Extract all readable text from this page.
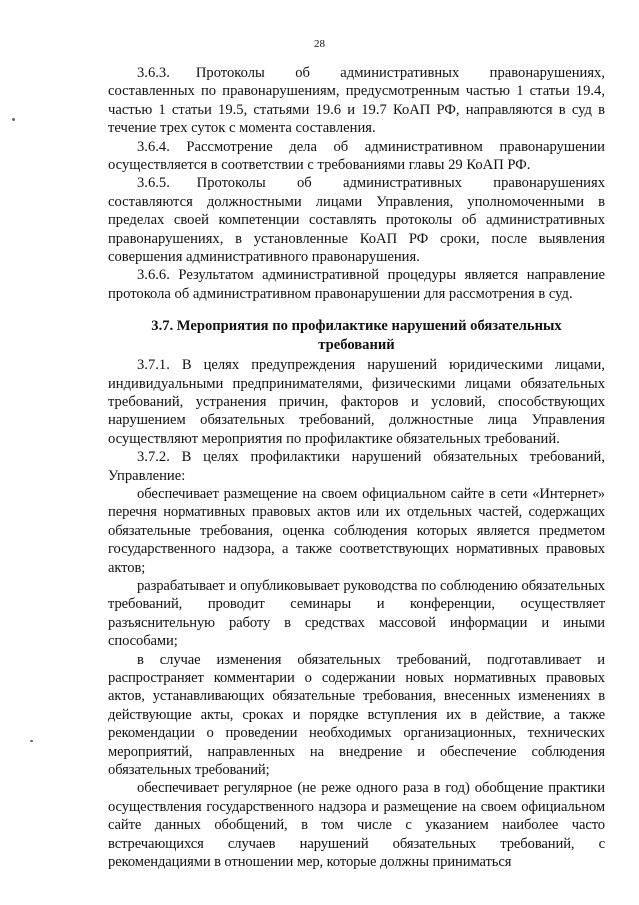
28

3.6.3.      Протоколы       об       административных       правонарушениях, составленных по правонарушениям, предусмотренным частью 1 статьи 19.4, частью 1 статьи 19.5, статьями 19.6 и 19.7 КоАП РФ, направляются в суд в течение трех суток с момента составления.

3.6.4. Рассмотрение дела об административном правонарушении осуществляется в соответствии с требованиями главы 29 КоАП РФ.

3.6.5.      Протоколы       об       административных       правонарушениях составляются должностными лицами Управления, уполномоченными в пределах своей компетенции составлять протоколы об административных правонарушениях, в установленные КоАП РФ сроки, после выявления совершения административного правонарушения.

3.6.6. Результатом административной процедуры является направление протокола об административном правонарушении для рассмотрения в суд.

3.7. Мероприятия по профилактике нарушений обязательных требований

3.7.1. В целях предупреждения нарушений юридическими лицами, индивидуальными предпринимателями, физическими лицами обязательных требований, устранения причин, факторов и условий, способствующих нарушением обязательных требований, должностные лица Управления осуществляют мероприятия по профилактике обязательных требований.

3.7.2. В целях профилактики нарушений обязательных требований, Управление:

обеспечивает размещение на своем официальном сайте в сети «Интернет» перечня нормативных правовых актов или их отдельных частей, содержащих обязательные требования, оценка соблюдения которых является предметом государственного надзора, а также соответствующих нормативных правовых актов;

разрабатывает и опубликовывает руководства по соблюдению обязательных требований, проводит семинары и конференции, осуществляет разъяснительную работу в средствах массовой информации и иными способами;

в случае изменения обязательных требований, подготавливает и распространяет комментарии о содержании новых нормативных правовых актов, устанавливающих обязательные требования, внесенных изменениях в действующие акты, сроках и порядке вступления их в действие, а также рекомендации о проведении необходимых организационных, технических мероприятий, направленных на внедрение и обеспечение соблюдения обязательных требований;

обеспечивает регулярное (не реже одного раза в год) обобщение практики осуществления государственного надзора и размещение на своем официальном сайте данных обобщений, в том числе с указанием наиболее часто встречающихся случаев нарушений обязательных требований, с рекомендациями в отношении мер, которые должны приниматься
